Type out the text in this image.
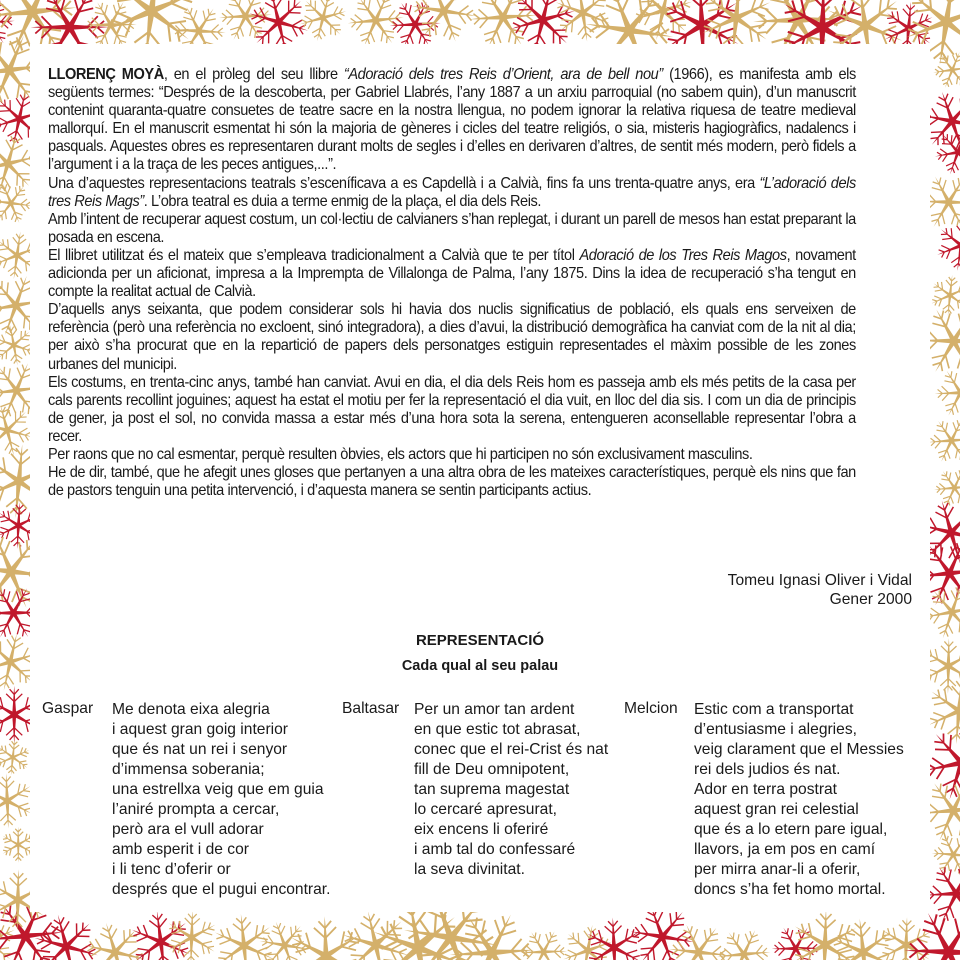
LLORENÇ MOYÀ, en el pròleg del seu llibre “Adoració dels tres Reis d’Orient, ara de bell nou” (1966), es manifesta amb els següents termes: “Després de la descoberta, per Gabriel Llabrés, l’any 1887 a un arxiu parroquial (no sabem quin), d’un manuscrit contenint quaranta-quatre consuetes de teatre sacre en la nostra llengua, no podem ignorar la relativa riquesa de teatre medieval mallorquí. En el manuscrit esmentat hi són la majoria de gèneres i cicles del teatre religiós, o sia, misteris hagiogràfics, nadalencs i pasquals. Aquestes obres es representaren durant molts de segles i d’elles en derivaren d’altres, de sentit més modern, però fidels a l’argument i a la traça de les peces antigues,...”.

Una d’aquestes representacions teatrals s’esceníficava a es Capdellà i a Calvià, fins fa uns trenta-quatre anys, era “L’adoració dels tres Reis Mags”. L’obra teatral es duia a terme enmig de la plaça, el dia dels Reis.

Amb l’intent de recuperar aquest costum, un col·lectiu de calvianers s’han replegat, i durant un parell de mesos han estat preparant la posada en escena.

El llibret utilitzat és el mateix que s’empleava tradicionalment a Calvià que te per títol Adoració de los Tres Reis Magos, novament adicionda per un aficionat, impresa a la Imprempta de Villalonga de Palma, l’any 1875. Dins la idea de recuperació s’ha tengut en compte la realitat actual de Calvià.

D’aquells anys seixanta, que podem considerar sols hi havia dos nuclis significatius de població, els quals ens serveixen de referència (però una referència no excloent, sinó integradora), a dies d’avui, la distribució demogràfica ha canviat com de la nit al dia; per això s’ha procurat que en la repartició de papers dels personatges estiguin representades el màxim possible de les zones urbanes del municipi.

Els costums, en trenta-cinc anys, també han canviat. Avui en dia, el dia dels Reis hom es passeja amb els més petits de la casa per cals parents recollint joguines; aquest ha estat el motiu per fer la representació el dia vuit, en lloc del dia sis. I com un dia de principis de gener, ja post el sol, no convida massa a estar més d’una hora sota la serena, entengueren aconsellable representar l’obra a recer.

Per raons que no cal esmentar, perquè resulten òbvies, els actors que hi participen no són exclusivament masculins.

He de dir, també, que he afegit unes gloses que pertanyen a una altra obra de les mateixes característiques, perquè els nins que fan de pastors tenguin una petita intervenció, i d’aquesta manera se sentin participants actius.

Tomeu Ignasi Oliver i Vidal
Gener 2000
REPRESENTACIÓ
Cada qual al seu palau
Gaspar Me denota eixa alegria
i aquest gran goig interior
que és nat un rei i senyor
d’immensa soberania;
una estrellxa veig que em guia
l’aniré prompta a cercar,
però ara el vull adorar
amb esperit i de cor
i li tenc d’oferir or
després que el pugui encontrar.
Baltasar Per un amor tan ardent
en que estic tot abrasat,
conec que el rei-Crist és nat
fill de Deu omnipotent,
tan suprema magestat
lo cercaré apresurat,
eix encens li oferiré
i amb tal do confessaré
la seva divinitat.
Melcion Estic com a transportat
d’entusiasme i alegries,
veig clarament que el Messies
rei dels judios és nat.
Ador en terra postrat
aquest gran rei celestial
que és a lo etern pare igual,
llavors, ja em pos en camí
per mirra anar-li a oferir,
doncs s’ha fet homo mortal.
